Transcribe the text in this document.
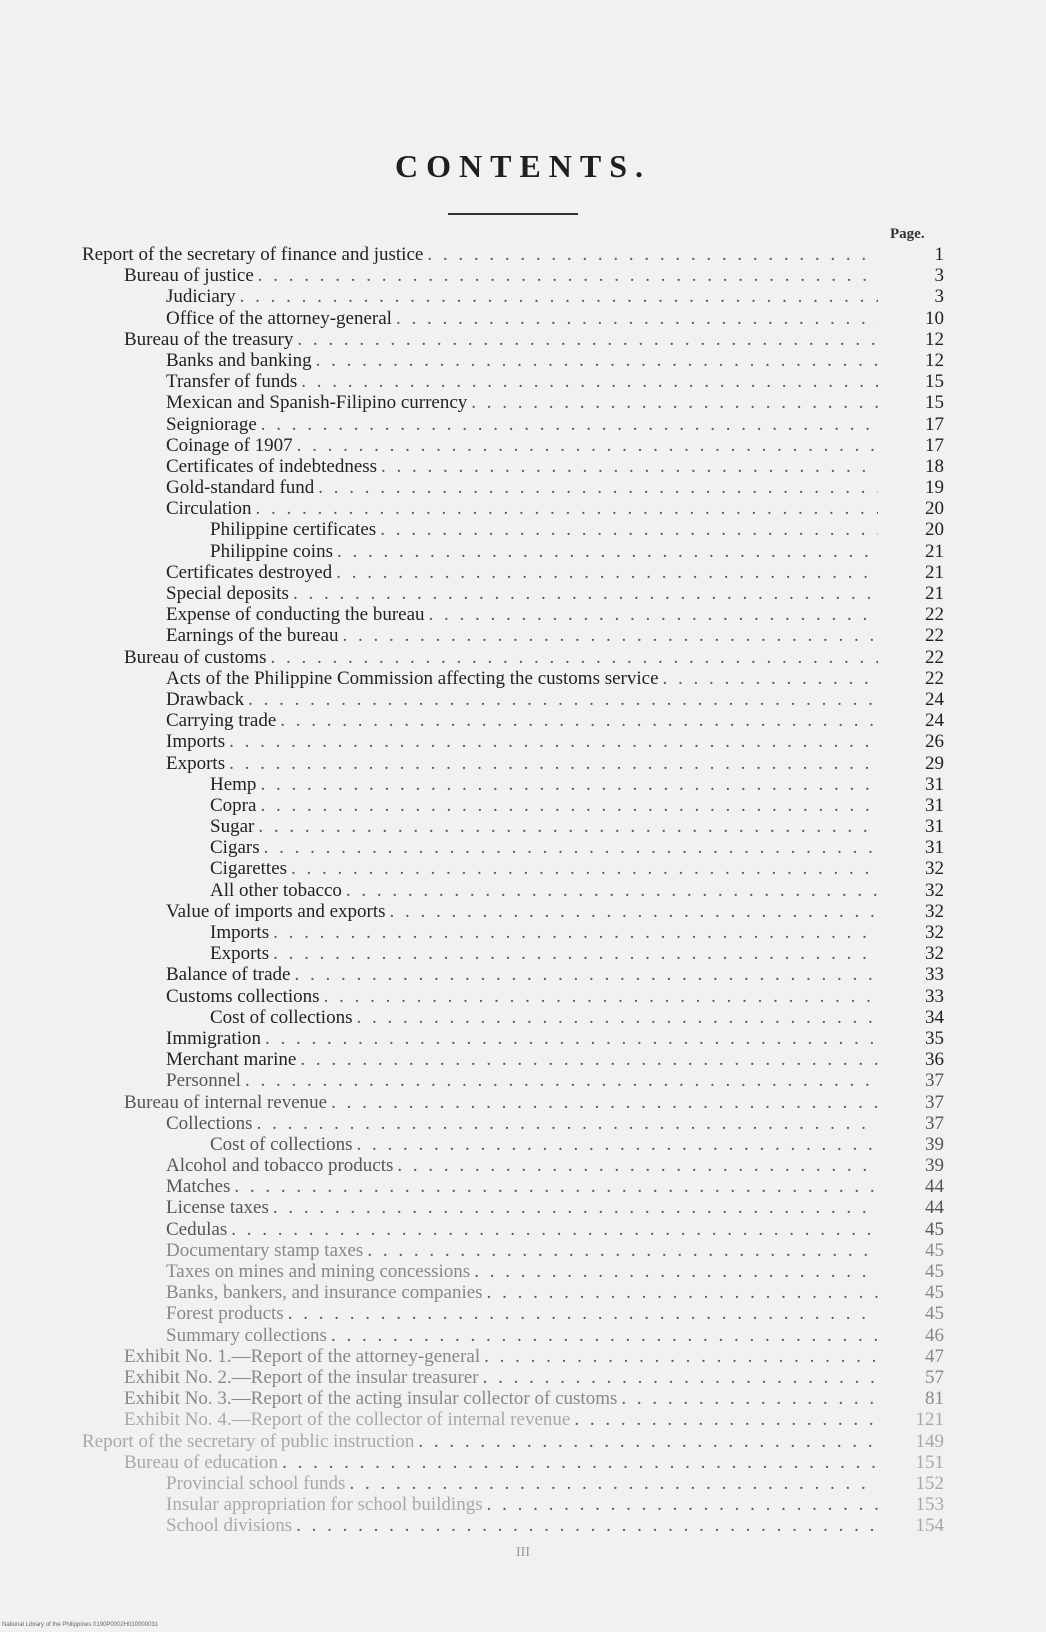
CONTENTS.
Page.
Report of the secretary of finance and justice . . .	1
Bureau of justice . . .	3
Judiciary . . .	3
Office of the attorney-general . . .	10
Bureau of the treasury . . .	12
Banks and banking . . .	12
Transfer of funds . . .	15
Mexican and Spanish-Filipino currency . . .	15
Seigniorage . . .	17
Coinage of 1907 . . .	17
Certificates of indebtedness . . .	18
Gold-standard fund . . .	19
Circulation . . .	20
Philippine certificates . . .	20
Philippine coins . . .	21
Certificates destroyed . . .	21
Special deposits . . .	21
Expense of conducting the bureau . . .	22
Earnings of the bureau . . .	22
Bureau of customs . . .	22
Acts of the Philippine Commission affecting the customs service . . .	22
Drawback . . .	24
Carrying trade . . .	24
Imports . . .	26
Exports . . .	29
Hemp . . .	31
Copra . . .	31
Sugar . . .	31
Cigars . . .	31
Cigarettes . . .	32
All other tobacco . . .	32
Value of imports and exports . . .	32
Imports . . .	32
Exports . . .	32
Balance of trade . . .	33
Customs collections . . .	33
Cost of collections . . .	34
Immigration . . .	35
Merchant marine . . .	36
Personnel . . .	37
Bureau of internal revenue . . .	37
Collections . . .	37
Cost of collections . . .	39
Alcohol and tobacco products . . .	39
Matches . . .	44
License taxes . . .	44
Cedulas . . .	45
Documentary stamp taxes . . .	45
Taxes on mines and mining concessions . . .	45
Banks, bankers, and insurance companies . . .	45
Forest products . . .	45
Summary collections . . .	46
Exhibit No. 1.—Report of the attorney-general . . .	47
Exhibit No. 2.—Report of the insular treasurer . . .	57
Exhibit No. 3.—Report of the acting insular collector of customs . . .	81
Exhibit No. 4.—Report of the collector of internal revenue . . .	121
Report of the secretary of public instruction . . .	149
Bureau of education . . .	151
Provincial school funds . . .	152
Insular appropriation for school buildings . . .	153
School divisions . . .	154
III
National Library of the Philippines 0190P0002H010000031
